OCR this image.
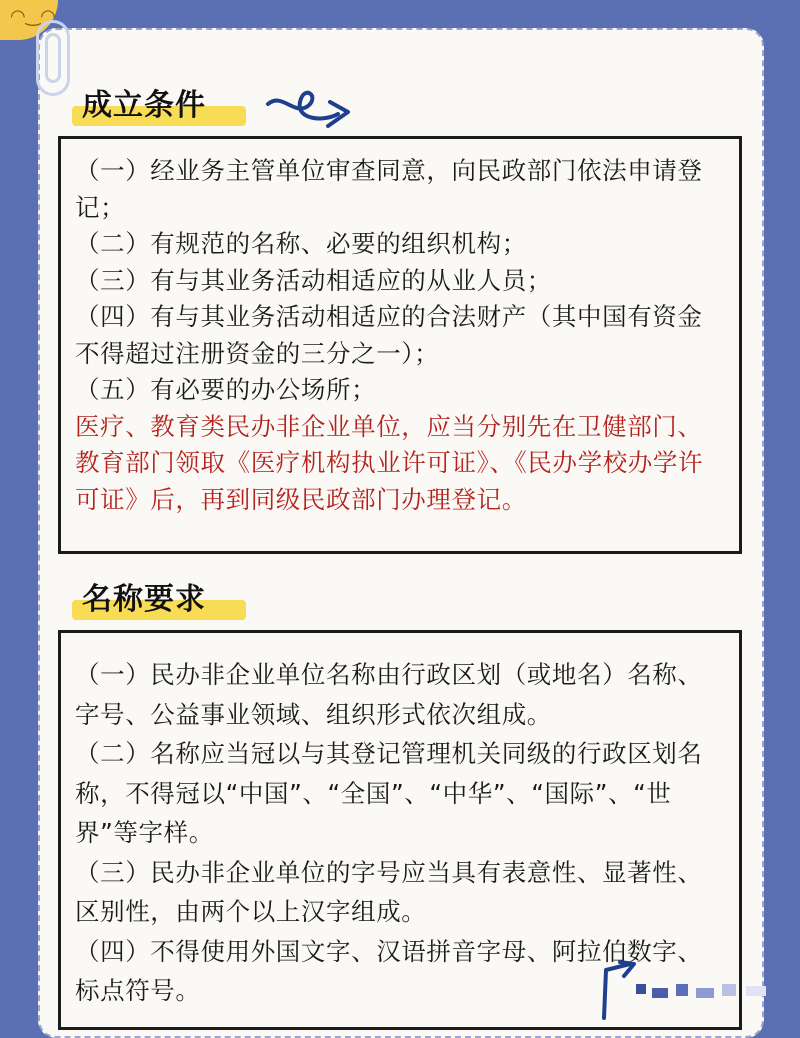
◠‿◠
成立条件

（一）经业务主管单位审查同意，向民政部门依法申请登记；

（二）有规范的名称、必要的组织机构；

（三）有与其业务活动相适应的从业人员；

（四）有与其业务活动相适应的合法财产（其中国有资金不得超过注册资金的三分之一）；

（五）有必要的办公场所；

医疗、教育类民办非企业单位，应当分别先在卫健部门、教育部门领取《医疗机构执业许可证》、《民办学校办学许可证》后，再到同级民政部门办理登记。

名称要求

（一）民办非企业单位名称由行政区划（或地名）名称、字号、公益事业领域、组织形式依次组成。

（二）名称应当冠以与其登记管理机关同级的行政区划名称，不得冠以“中国”、“全国”、“中华”、“国际”、“世界”等字样。

（三）民办非企业单位的字号应当具有表意性、显著性、区别性，由两个以上汉字组成。

（四）不得使用外国文字、汉语拼音字母、阿拉伯数字、标点符号。
